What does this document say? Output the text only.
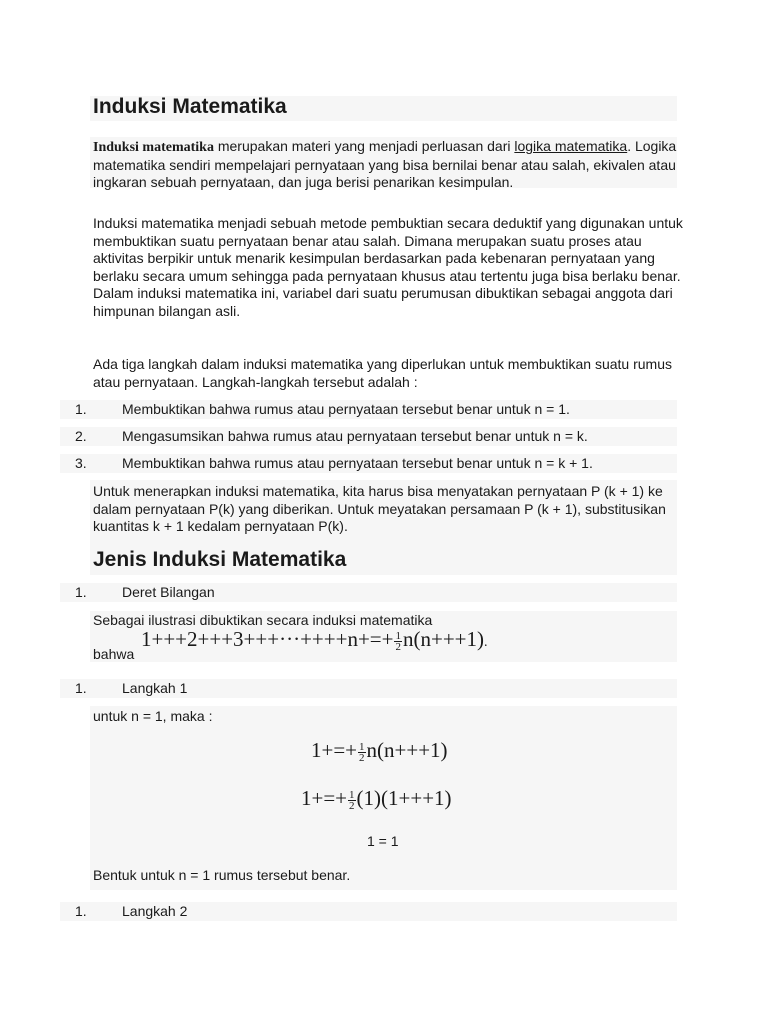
Induksi Matematika

Induksi matematika merupakan materi yang menjadi perluasan dari logika matematika. Logika matematika sendiri mempelajari pernyataan yang bisa bernilai benar atau salah, ekivalen atau ingkaran sebuah pernyataan, dan juga berisi penarikan kesimpulan.

Induksi matematika menjadi sebuah metode pembuktian secara deduktif yang digunakan untuk membuktikan suatu pernyataan benar atau salah. Dimana merupakan suatu proses atau aktivitas berpikir untuk menarik kesimpulan berdasarkan pada kebenaran pernyataan yang berlaku secara umum sehingga pada pernyataan khusus atau tertentu juga bisa berlaku benar. Dalam induksi matematika ini, variabel dari suatu perumusan dibuktikan sebagai anggota dari himpunan bilangan asli.

Ada tiga langkah dalam induksi matematika yang diperlukan untuk membuktikan suatu rumus atau pernyataan. Langkah-langkah tersebut adalah :

1.	Membuktikan bahwa rumus atau pernyataan tersebut benar untuk n = 1.
2.	Mengasumsikan bahwa rumus atau pernyataan tersebut benar untuk n = k.
3.	Membuktikan bahwa rumus atau pernyataan tersebut benar untuk n = k + 1.

Untuk menerapkan induksi matematika, kita harus bisa menyatakan pernyataan P (k + 1) ke dalam pernyataan P(k) yang diberikan. Untuk meyatakan persamaan P (k + 1), substitusikan kuantitas k + 1 kedalam pernyataan P(k).

Jenis Induksi Matematika
1.	Deret Bilangan

Sebagai ilustrasi dibuktikan secara induksi matematika

bahwa
$1+++2+++3+++\cdot\cdot\cdot++++n+=+ \frac{1}{2} n(n+++1)$.
1.	Langkah 1

untuk n = 1, maka :

$1+=+ \frac{1}{2} n(n+++1)$
$1+=+ \frac{1}{2} (1)(1+++1)$
1 = 1

Bentuk untuk n = 1 rumus tersebut benar.

1.	Langkah 2
